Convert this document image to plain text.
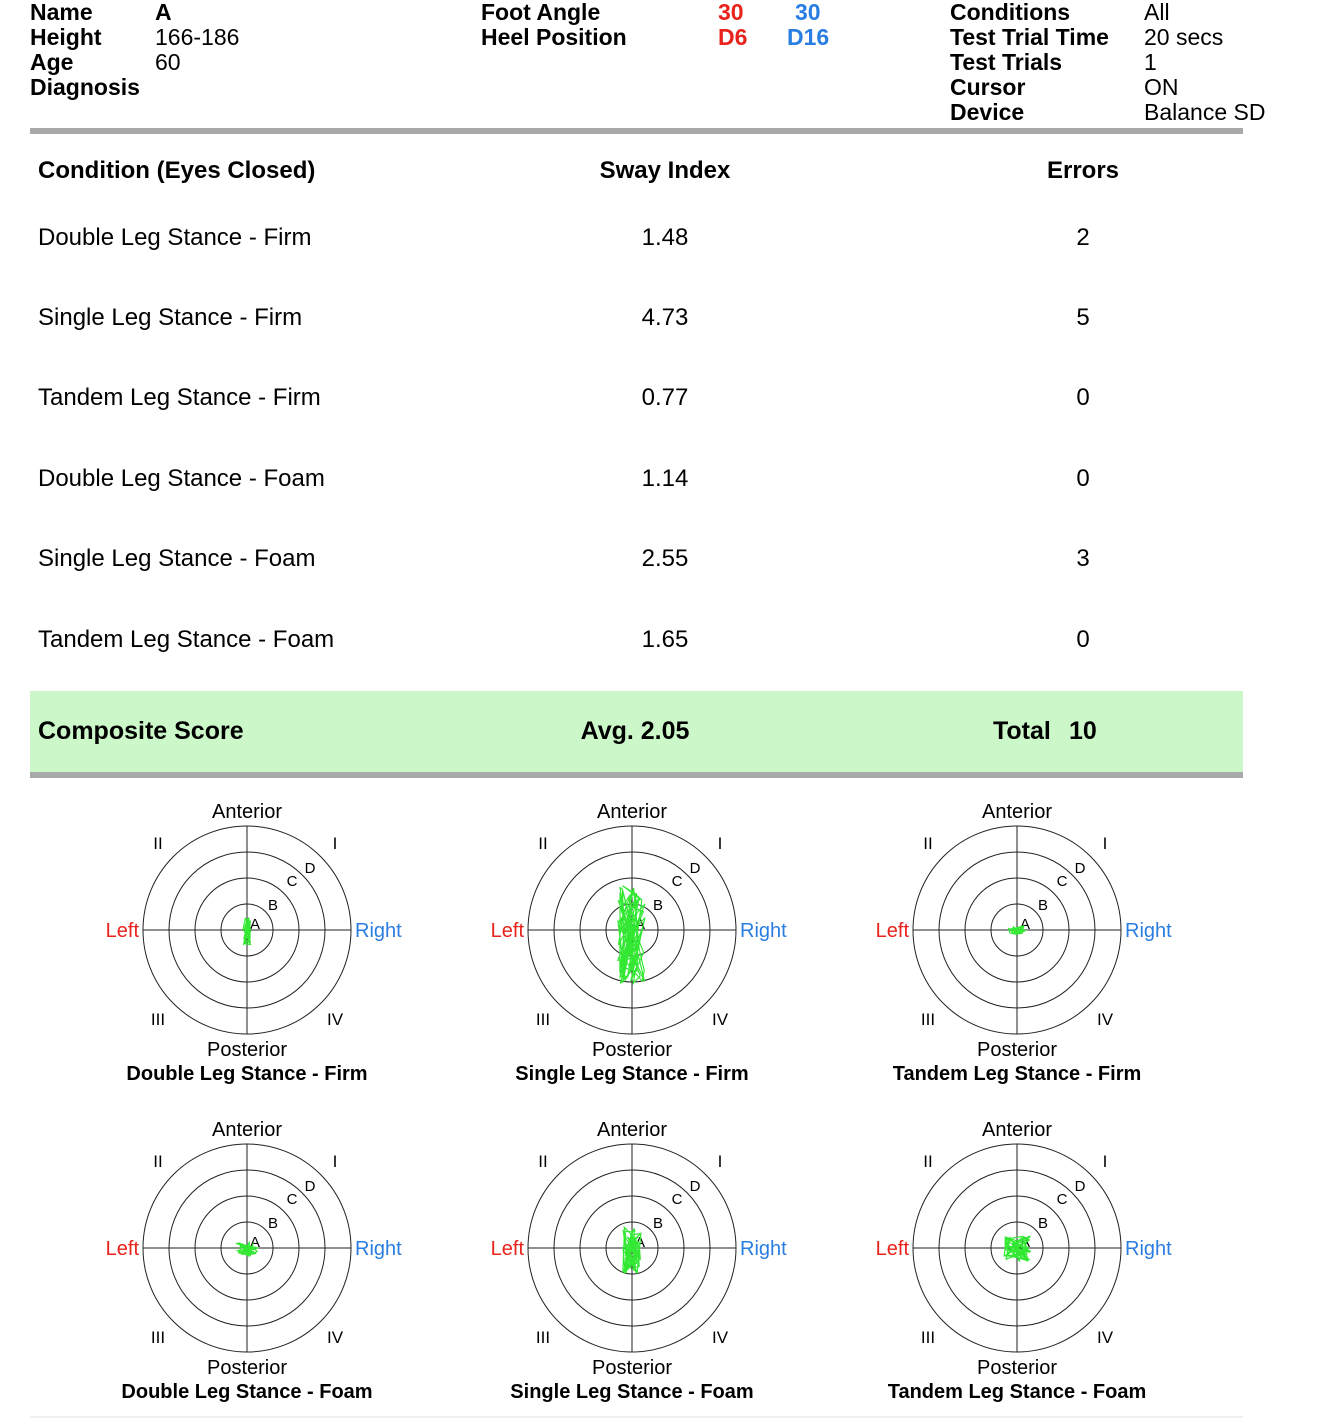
Name	A
Height 166-186
Age	60
Diagnosis
Foot Angle	30 30
Heel Position	D6 D16
Conditions	All
Test Trial Time 20 secs
Test Trials	1
Cursor	ON
Device	Balance SD
Condition (Eyes Closed)	Sway Index	Errors
Double Leg Stance - Firm	1.48	2
Single Leg Stance - Firm	4.73	5
Tandem Leg Stance - Firm	0.77	0
Double Leg Stance - Foam	1.14	0
Single Leg Stance - Foam	2.55	3
Tandem Leg Stance - Foam	1.65	0
Composite Score	Avg. 2.05	Total 10
A
B
C
D
Anterior
Posterior
Left	Right
I
II
III	IV
Double Leg Stance - Firm
A
B
C
D
Anterior
Posterior
Left	Right
I
II
III	IV
Single Leg Stance - Firm
A
B
C
D
Anterior
Posterior
Left	Right
I
II
III	IV
Tandem Leg Stance - Firm
A
B
C
D
Anterior
Posterior
Left	Right
I
II
III	IV
Double Leg Stance - Foam
A
B
C
D
Anterior
Posterior
Left	Right
I
II
III	IV
Single Leg Stance - Foam
A
B
C
D
Anterior
Posterior
Left	Right
I
II
III	IV
Tandem Leg Stance - Foam
